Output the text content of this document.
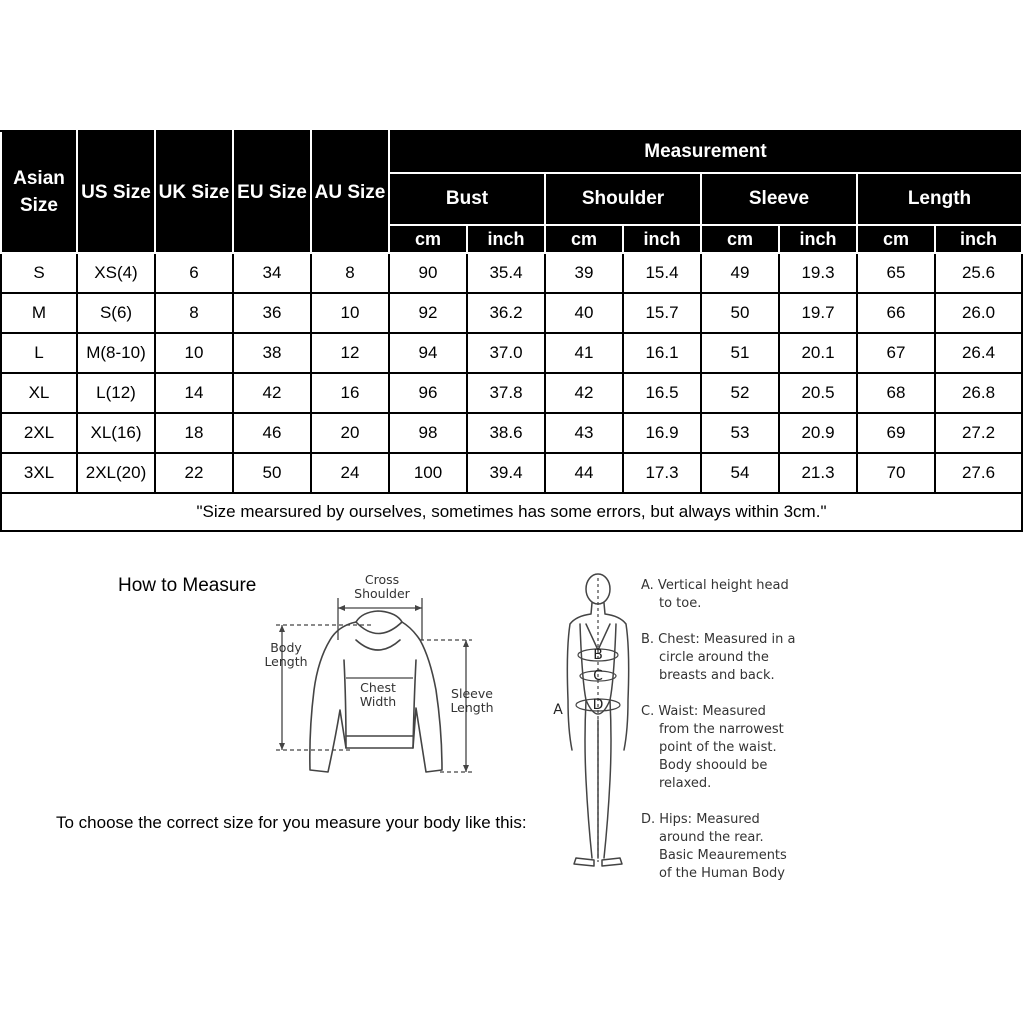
Asian Size	US Size	UK Size	EU Size	AU Size	Measurement							
					Bust		Shoulder		Sleeve		Length	
					cm	inch	cm	inch	cm	inch	cm	inch
S	XS(4)	6	34	8	90	35.4	39	15.4	49	19.3	65	25.6
M	S(6)	8	36	10	92	36.2	40	15.7	50	19.7	66	26.0
L	M(8-10)	10	38	12	94	37.0	41	16.1	51	20.1	67	26.4
XL	L(12)	14	42	16	96	37.8	42	16.5	52	20.5	68	26.8
2XL	XL(16)	18	46	20	98	38.6	43	16.9	53	20.9	69	27.2
3XL	2XL(20)	22	50	24	100	39.4	44	17.3	54	21.3	70	27.6
"Size mearsured by ourselves, sometimes has some errors, but always within 3cm."												
How to Measure
To choose the correct size for you measure your body like this:
Cross Shoulder
Body Length
Chest Width
Sleeve Length	A
B
C
D
A. Vertical height head
to toe.
B. Chest: Measured in a
circle around the
breasts and back.
C. Waist: Measured
from the narrowest
point of the waist.
Body shoould be
relaxed.
D. Hips: Measured
around the rear.
Basic Meaurements
of the Human Body
